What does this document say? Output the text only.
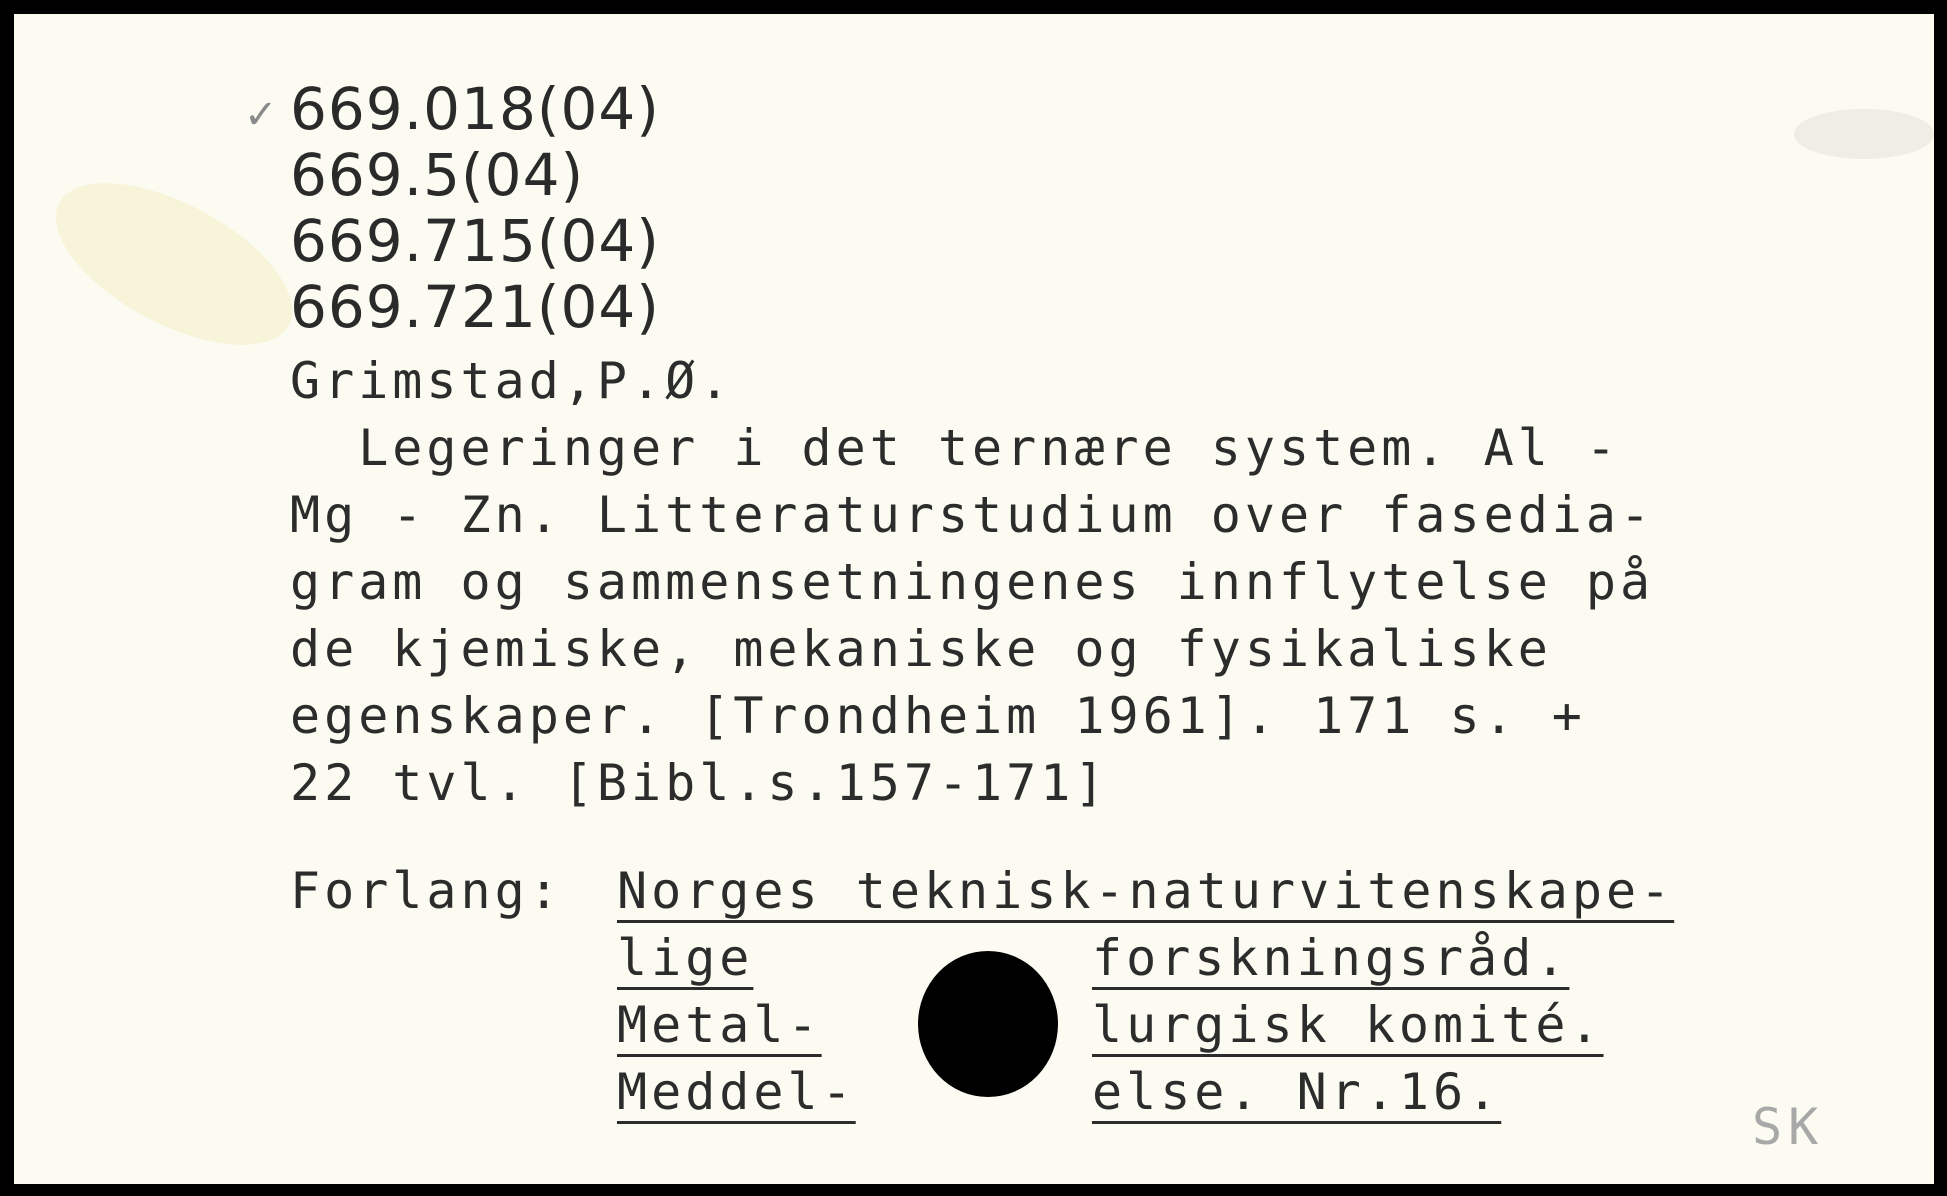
✓ 669.018(04)
669.5(04)
669.715(04)
669.721(04)
Grimstad,P.Ø.
Legeringer i det ternære system. Al -
Mg - Zn. Litteraturstudium over fasedia-
gram og sammensetningenes innflytelse på
de kjemiske, mekaniske og fysikaliske
egenskaper. [Trondheim 1961]. 171 s. +
22 tvl. [Bibl.s.157-171]
Forlang: Norges teknisk-naturvitenskape-
lige
Metal-
Meddel-
forskningsråd.
lurgisk komité.
else. Nr.16.
SK
